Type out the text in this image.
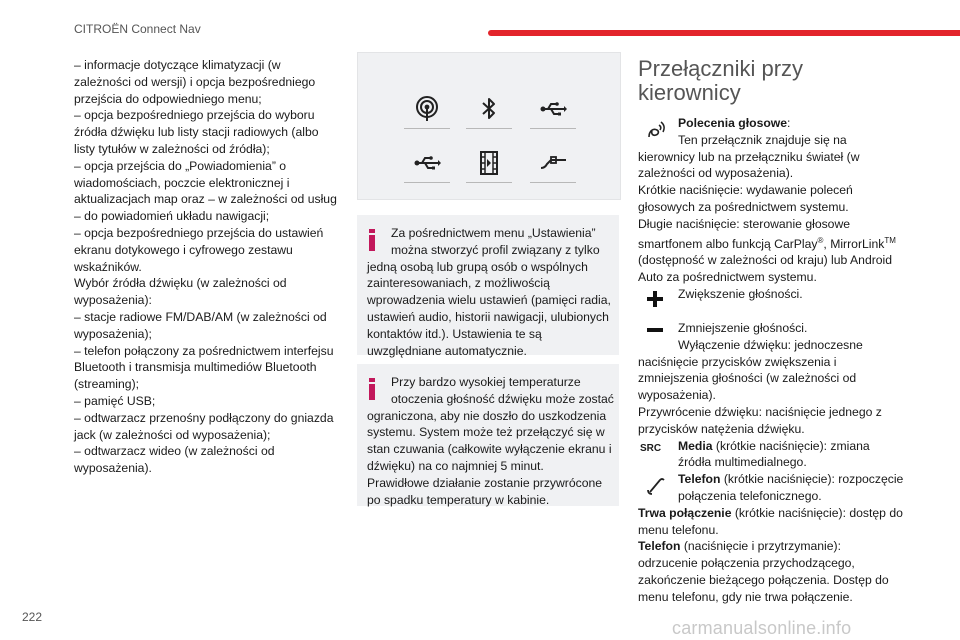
CITROËN Connect Nav
– informacje dotyczące klimatyzacji (w
zależności od wersji) i opcja bezpośredniego
przejścia do odpowiedniego menu;
– opcja bezpośredniego przejścia do wyboru
źródła dźwięku lub listy stacji radiowych (albo
listy tytułów w zależności od źródła);
– opcja przejścia do „Powiadomienia” o
wiadomościach, poczcie elektronicznej i
aktualizacjach map oraz – w zależności od usług
– do powiadomień układu nawigacji;
– opcja bezpośredniego przejścia do ustawień
ekranu dotykowego i cyfrowego zestawu
wskaźników.
Wybór źródła dźwięku (w zależności od
wyposażenia):
– stacje radiowe FM/DAB/AM (w zależności od
wyposażenia);
– telefon połączony za pośrednictwem interfejsu
Bluetooth i transmisja multimediów Bluetooth
(streaming);
– pamięć USB;
– odtwarzacz przenośny podłączony do gniazda
jack (w zależności od wyposażenia);
– odtwarzacz wideo (w zależności od
wyposażenia).
Za pośrednictwem menu „Ustawienia”
można stworzyć profil związany z tylko
jedną osobą lub grupą osób o wspólnych
zainteresowaniach, z możliwością
wprowadzenia wielu ustawień (pamięci radia,
ustawień audio, historii nawigacji, ulubionych
kontaktów itd.). Ustawienia te są
uwzględniane automatycznie.
Przy bardzo wysokiej temperaturze
otoczenia głośność dźwięku może zostać
ograniczona, aby nie doszło do uszkodzenia
systemu. System może też przełączyć się w
stan czuwania (całkowite wyłączenie ekranu i
dźwięku) na co najmniej 5 minut.
Prawidłowe działanie zostanie przywrócone
po spadku temperatury w kabinie.
Przełączniki przy
kierownicy
Polecenia głosowe:
Ten przełącznik znajduje się na
kierownicy lub na przełączniku świateł (w
zależności od wyposażenia).
Krótkie naciśnięcie: wydawanie poleceń
głosowych za pośrednictwem systemu.
Długie naciśnięcie: sterowanie głosowe
smartfonem albo funkcją CarPlay®, MirrorLink™
(dostępność w zależności od kraju) lub Android
Auto za pośrednictwem systemu.
Zwiększenie głośności.
Zmniejszenie głośności.
Wyłączenie dźwięku: jednoczesne
naciśnięcie przycisków zwiększenia i
zmniejszenia głośności (w zależności od
wyposażenia).
Przywrócenie dźwięku: naciśnięcie jednego z
przycisków natężenia dźwięku.
SRC	Media (krótkie naciśnięcie): zmiana
źródła multimedialnego.
Telefon (krótkie naciśnięcie): rozpoczęcie
połączenia telefonicznego.
Trwa połączenie (krótkie naciśnięcie): dostęp do
menu telefonu.
Telefon (naciśnięcie i przytrzymanie):
odrzucenie połączenia przychodzącego,
zakończenie bieżącego połączenia. Dostęp do
menu telefonu, gdy nie trwa połączenie.
222
carmanualsonline.info
